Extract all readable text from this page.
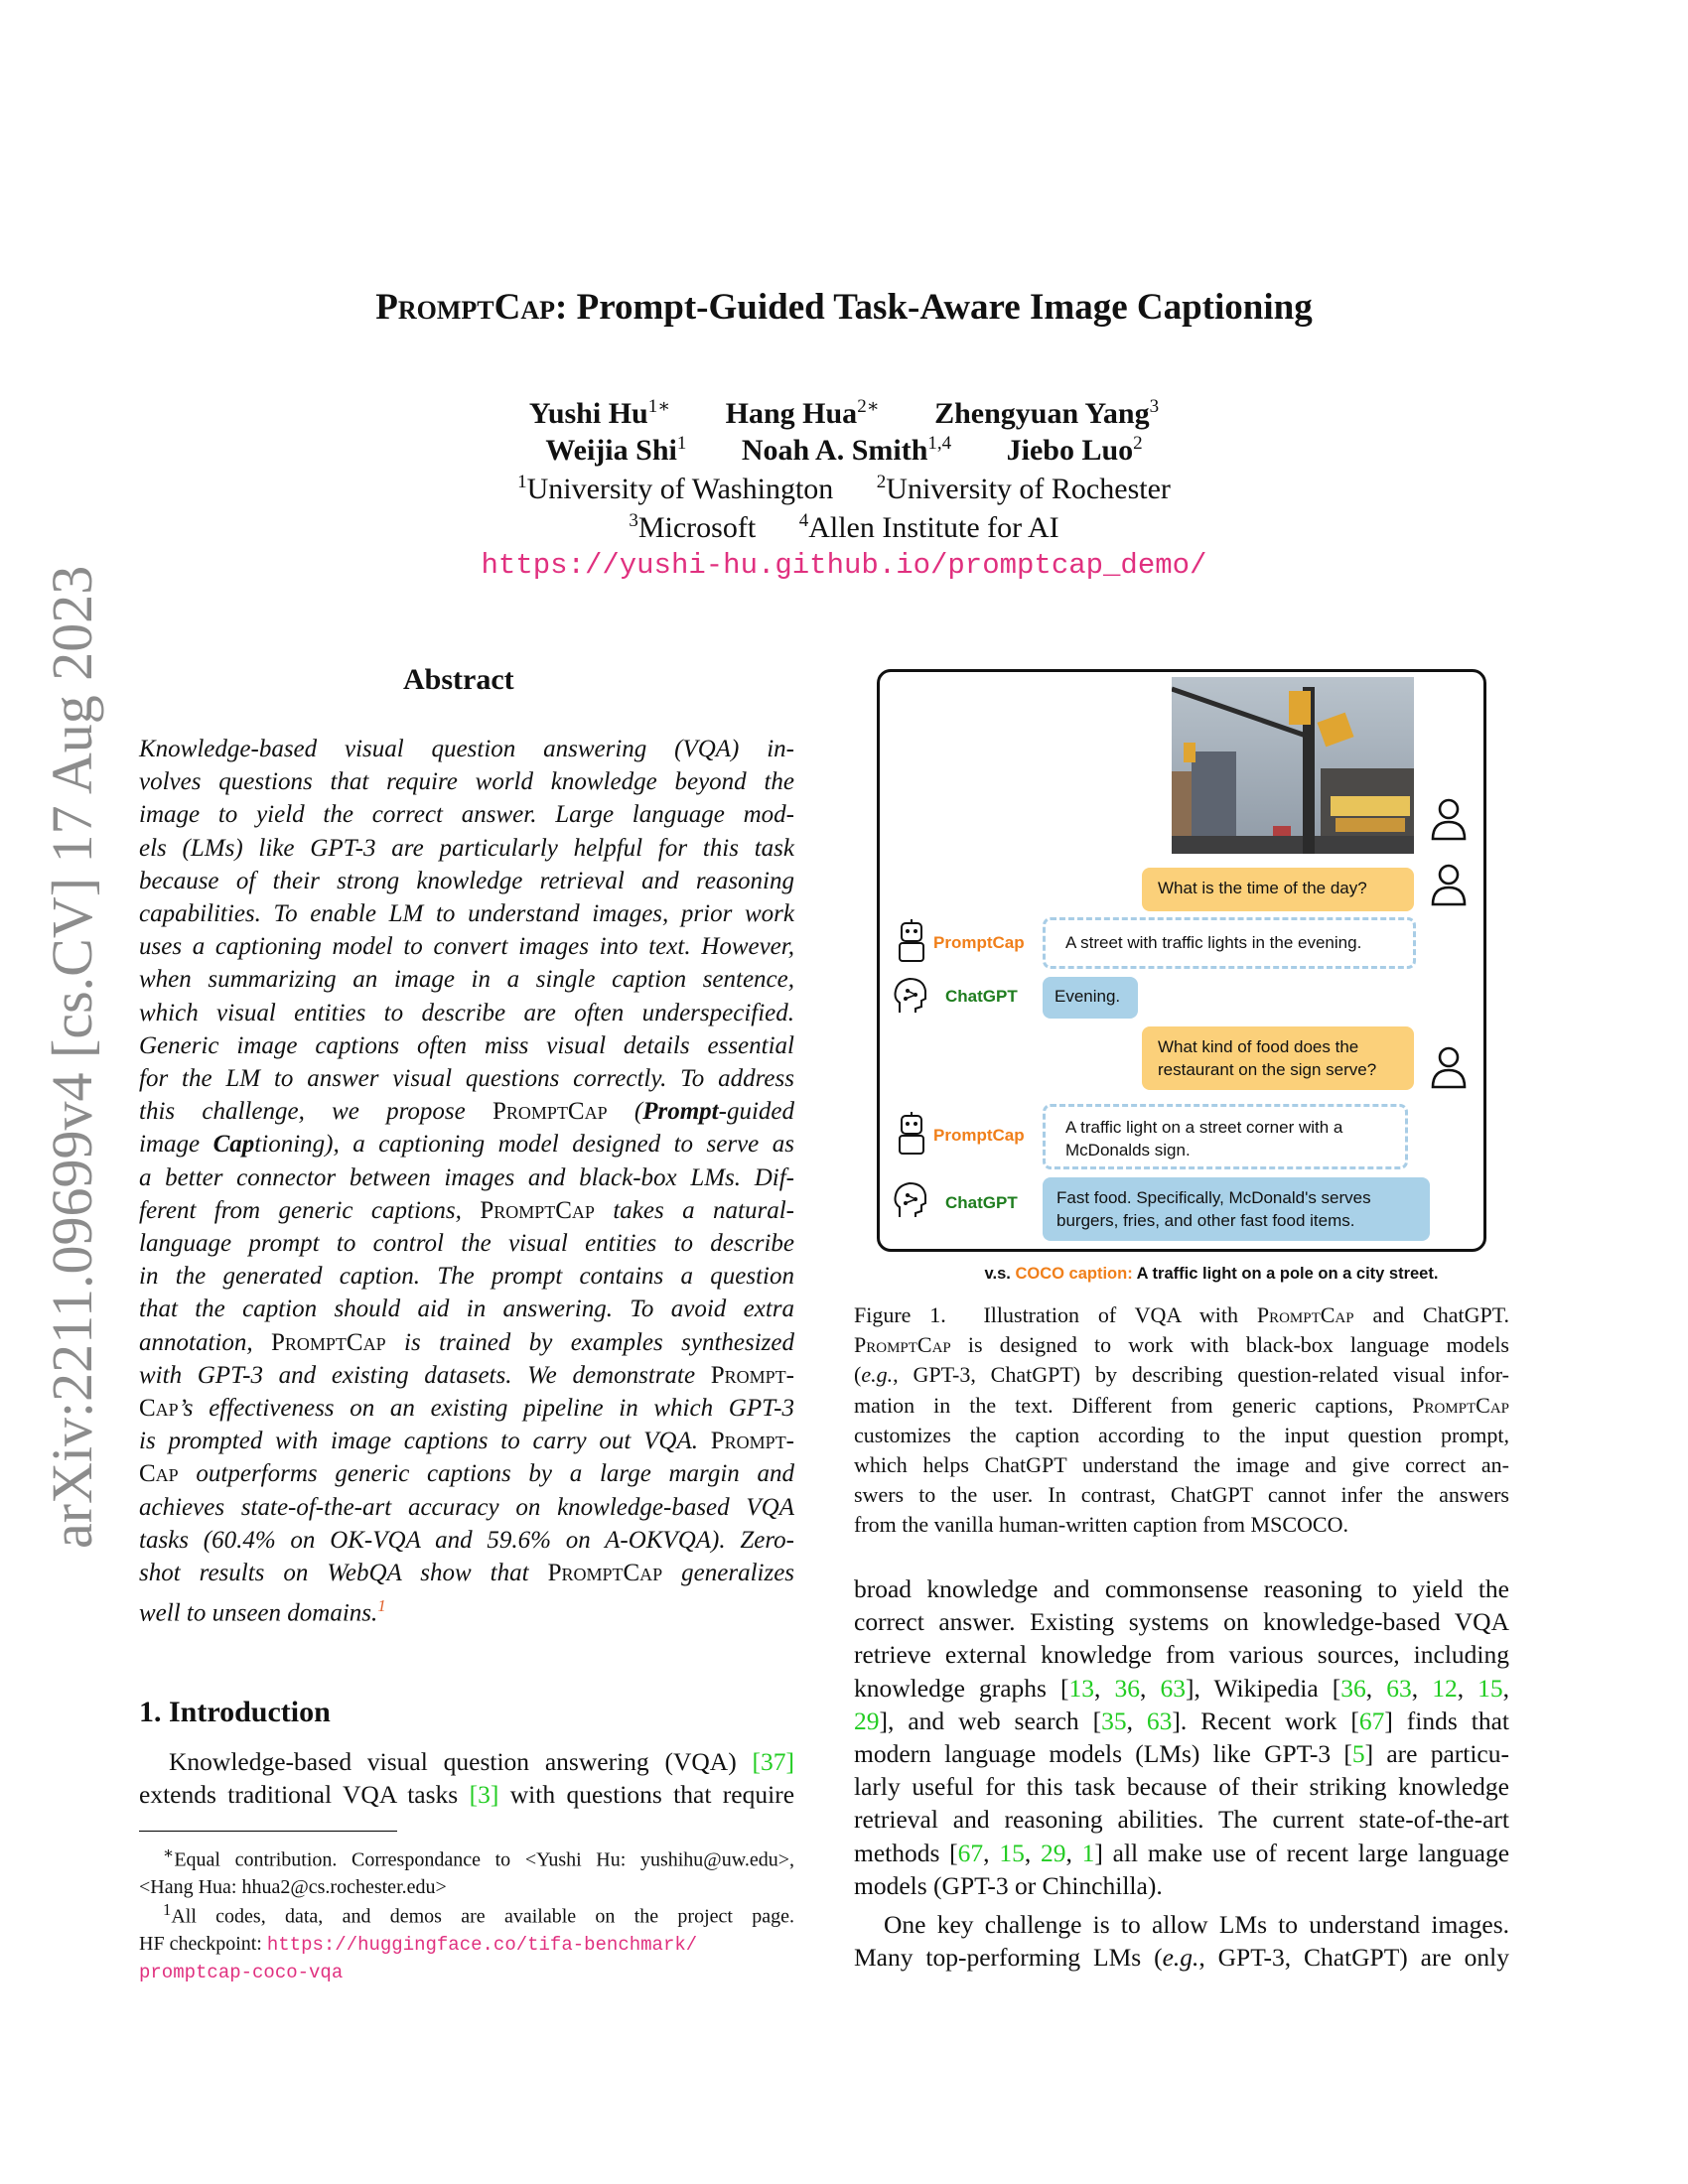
arXiv:2211.09699v4 [cs.CV] 17 Aug 2023
PromptCap: Prompt-Guided Task-Aware Image Captioning
Yushi $Hu^{1∗}$ Hang Hua$^{2∗}$ Zhengyuan Yang$^3$
Weijia Shi$^1$ Noah A. Smith$^{1,4}$ Jiebo Luo$^2$
$^1$University of Washington $^2$University of Rochester
$^3$Microsoft $^4$Allen Institute for AI
https://yushi-hu.github.io/promptcap_demo/
Abstract
Knowledge-based visual question answering (VQA) in-
volves questions that require world knowledge beyond the
image to yield the correct answer. Large language mod-
els (LMs) like GPT-3 are particularly helpful for this task
because of their strong knowledge retrieval and reasoning
capabilities. To enable LM to understand images, prior work
uses a captioning model to convert images into text. However,
when summarizing an image in a single caption sentence,
which visual entities to describe are often underspecified.
Generic image captions often miss visual details essential
for the LM to answer visual questions correctly. To address
this challenge, we propose PromptCap (Prompt-guided
image Captioning), a captioning model designed to serve as
a better connector between images and black-box LMs. Dif-
ferent from generic captions, PromptCap takes a natural-
language prompt to control the visual entities to describe
in the generated caption. The prompt contains a question
that the caption should aid in answering. To avoid extra
annotation, PromptCap is trained by examples synthesized
with GPT-3 and existing datasets. We demonstrate Prompt-
Cap’s effectiveness on an existing pipeline in which GPT-3
is prompted with image captions to carry out VQA. Prompt-
Cap outperforms generic captions by a large margin and
achieves state-of-the-art accuracy on knowledge-based VQA
tasks (60.4% on OK-VQA and 59.6% on A-OKVQA). Zero-
shot results on WebQA show that PromptCap generalizes
well to unseen domains.$^1$
1. Introduction
Knowledge-based visual question answering (VQA) [37]
extends traditional VQA tasks [3] with questions that require
∗Equal contribution. Correspondance to <Yushi Hu: yushihu@uw.edu>,
<Hang Hua: hhua2@cs.rochester.edu>
$^1$All codes, data, and demos are available on the project page.
HF checkpoint: https://huggingface.co/tifa-benchmark/
promptcap-coco-vqa
What is the time of the day?
PromptCap	A street with traffic lights in the evening.
ChatGPT	Evening.
What kind of food does the
restaurant on the sign serve?
PromptCap A traffic light on a street corner with a
McDonalds sign.
ChatGPT Fast food. Specifically, McDonald's serves
burgers, fries, and other fast food items.
v.s. COCO caption: A traffic light on a pole on a city street.
Figure 1. Illustration of VQA with PromptCap and ChatGPT.
PromptCap is designed to work with black-box language models
(e.g., GPT-3, ChatGPT) by describing question-related visual infor-
mation in the text. Different from generic captions, PromptCap
customizes the caption according to the input question prompt,
which helps ChatGPT understand the image and give correct an-
swers to the user. In contrast, ChatGPT cannot infer the answers
from the vanilla human-written caption from MSCOCO.
broad knowledge and commonsense reasoning to yield the
correct answer. Existing systems on knowledge-based VQA
retrieve external knowledge from various sources, including
knowledge graphs [13, 36, 63], Wikipedia [36, 63, 12, 15,
29], and web search [35, 63]. Recent work [67] finds that
modern language models (LMs) like GPT-3 [5] are particu-
larly useful for this task because of their striking knowledge
retrieval and reasoning abilities. The current state-of-the-art
methods [67, 15, 29, 1] all make use of recent large language
models (GPT-3 or Chinchilla).
One key challenge is to allow LMs to understand images.
Many top-performing LMs (e.g., GPT-3, ChatGPT) are only
